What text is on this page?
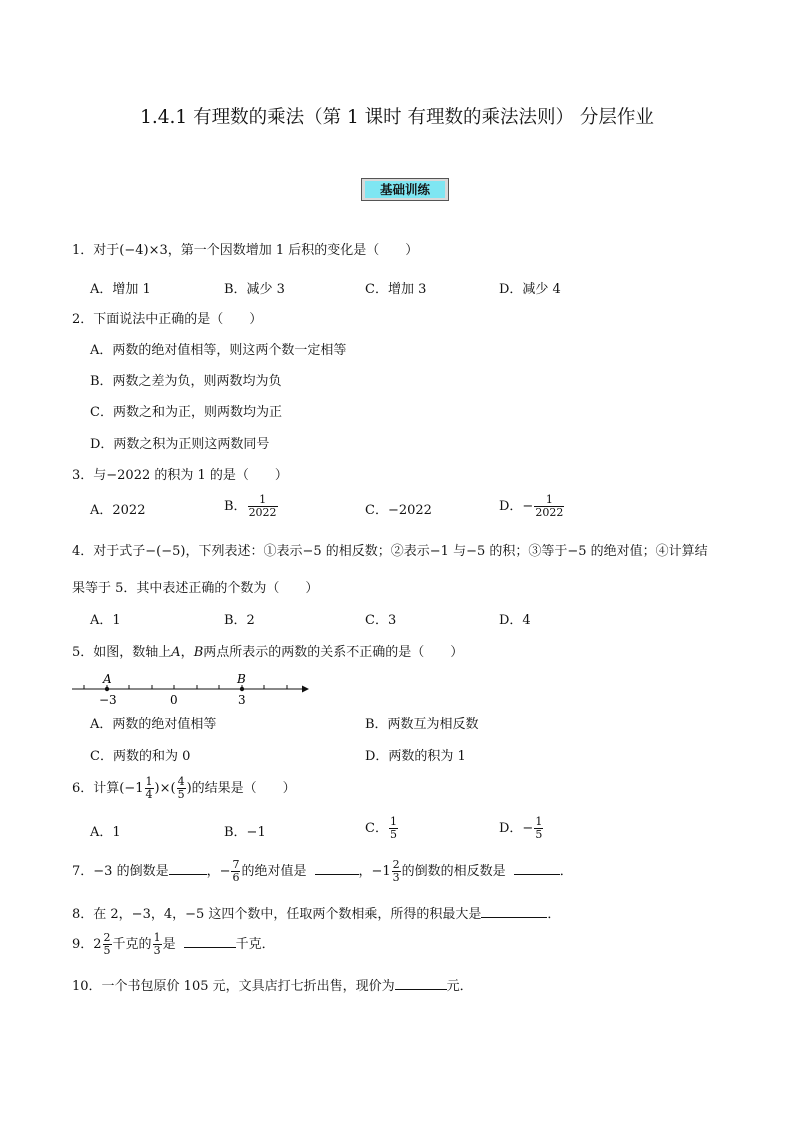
1.4.1 有理数的乘法（第 1 课时 有理数的乘法法则） 分层作业
基础训练
1．对于(−4)×3，第一个因数增加 1 后积的变化是（　　）
A．增加 1	B．减少 3	C．增加 3	D．减少 4
2．下面说法中正确的是（　　）
A．两数的绝对值相等，则这两个数一定相等
B．两数之差为负，则两数均为负
C．两数之和为正，则两数均为正
D．两数之积为正则这两数同号
3．与−2022 的积为 1 的是（　　）
A．2022	B． $\frac{1}{2022}$	C．−2022	D．− $\frac{1}{2022}$
4．对于式子−(−5)，下列表述：①表示−5 的相反数；②表示−1 与−5 的积；③等于−5 的绝对值；④计算结
果等于 5．其中表述正确的个数为（　　）
A．1	B．2	C．3	D．4
5．如图，数轴上A，B两点所表示的两数的关系不正确的是（　　）
A	B
−3	0	3
A．两数的绝对值相等	B．两数互为相反数
C．两数的和为 0	D．两数的积为 1
6．计算($-1 \frac{1}{4}$ )×( $\frac{4}{5}$ )的结果是（　　）
A．1	B．−1	C． $\frac{1}{5}$	D．− $\frac{1}{5}$
7．−3 的倒数是	，− $\frac{7}{6}$ 的绝对值是	，$-1 \frac{2}{3}$ 的倒数的相反数是	．
8．在 2，−3，4，−5 这四个数中，任取两个数相乘，所得的积最大是	．
9．$2 \frac{2}{5}$ 千克的 $\frac{1}{3}$ 是	千克．
10．一个书包原价 105 元，文具店打七折出售，现价为	元．
